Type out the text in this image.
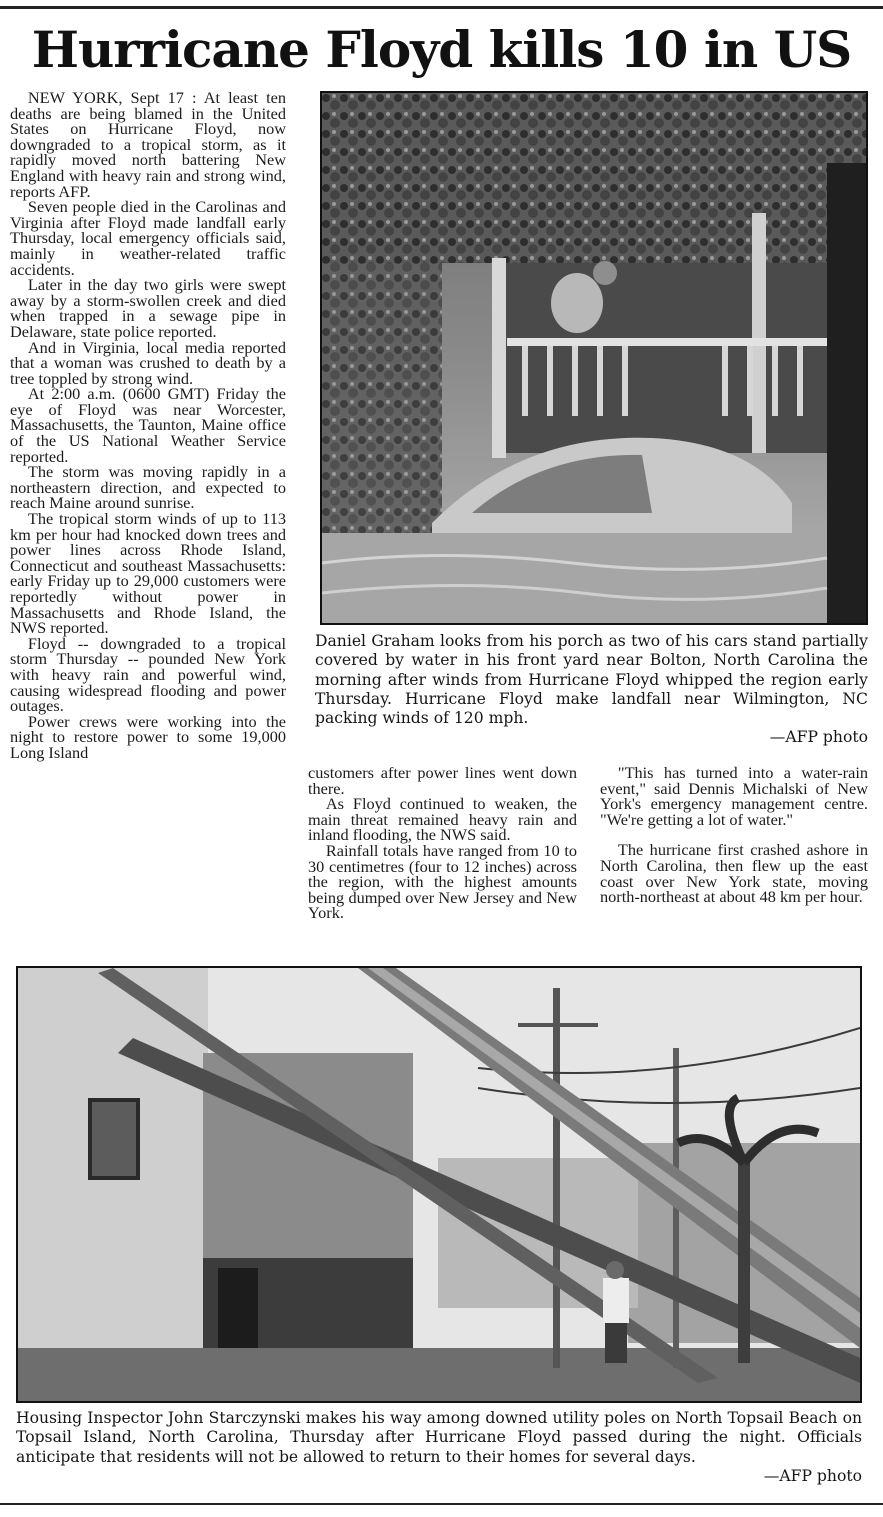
Hurricane Floyd kills 10 in US

NEW YORK, Sept 17 : At least ten deaths are being blamed in the United States on Hurricane Floyd, now downgraded to a tropical storm, as it rapidly moved north battering New England with heavy rain and strong wind, reports AFP.

Seven people died in the Carolinas and Virginia after Floyd made landfall early Thursday, local emergency officials said, mainly in weather-related traffic accidents.

Later in the day two girls were swept away by a storm-swollen creek and died when trapped in a sewage pipe in Delaware, state police reported.

And in Virginia, local media reported that a woman was crushed to death by a tree toppled by strong wind.

At 2:00 a.m. (0600 GMT) Friday the eye of Floyd was near Worcester, Massachusetts, the Taunton, Maine office of the US National Weather Service reported.

The storm was moving rapidly in a northeastern direction, and expected to reach Maine around sunrise.

The tropical storm winds of up to 113 km per hour had knocked down trees and power lines across Rhode Island, Connecticut and southeast Massachusetts: early Friday up to 29,000 customers were reportedly without power in Massachusetts and Rhode Island, the NWS reported.

Floyd -- downgraded to a tropical storm Thursday -- pounded New York with heavy rain and powerful wind, causing widespread flooding and power outages.

Power crews were working into the night to restore power to some 19,000 Long Island

Daniel Graham looks from his porch as two of his cars stand partially covered by water in his front yard near Bolton, North Carolina the morning after winds from Hurricane Floyd whipped the region early Thursday. Hurricane Floyd make landfall near Wilmington, NC packing winds of 120 mph.
—AFP photo

customers after power lines went down there.

As Floyd continued to weaken, the main threat remained heavy rain and inland flooding, the NWS said.

Rainfall totals have ranged from 10 to 30 centimetres (four to 12 inches) across the region, with the highest amounts being dumped over New Jersey and New York.

"This has turned into a water-rain event," said Dennis Michalski of New York's emergency management centre. "We're getting a lot of water."

The hurricane first crashed ashore in North Carolina, then flew up the east coast over New York state, moving north-northeast at about 48 km per hour.

Housing Inspector John Starczynski makes his way among downed utility poles on North Topsail Beach on Topsail Island, North Carolina, Thursday after Hurricane Floyd passed during the night. Officials anticipate that residents will not be allowed to return to their homes for several days.
—AFP photo
